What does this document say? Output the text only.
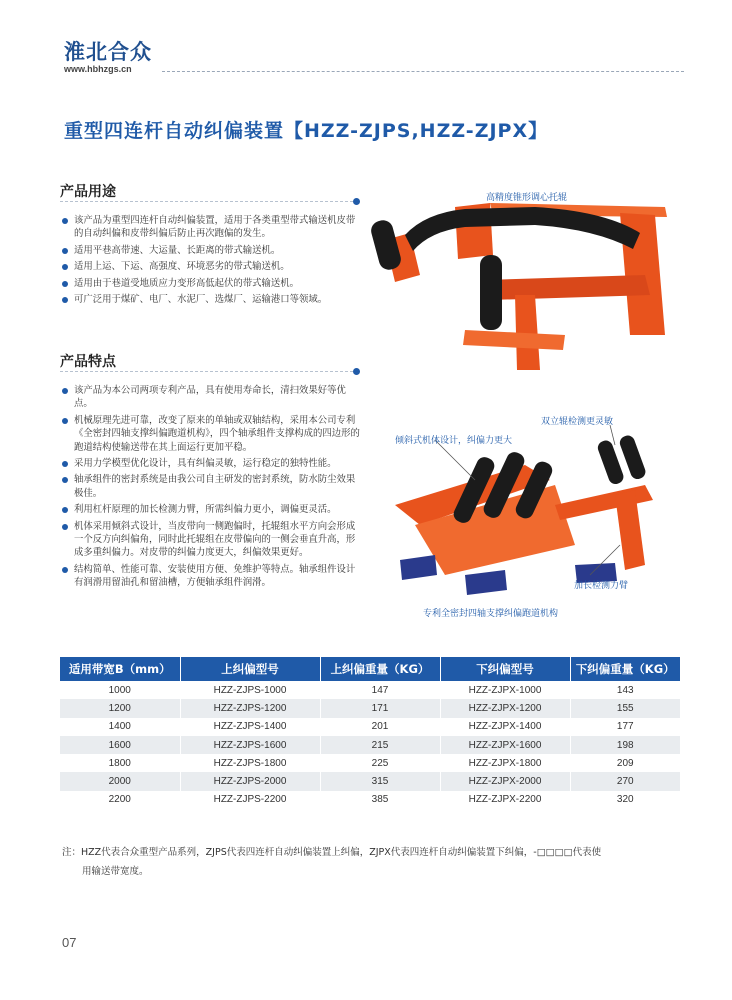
淮北合众
www.hbhzgs.cn
重型四连杆自动纠偏装置【HZZ-ZJPS,HZZ-ZJPX】
产品用途
该产品为重型四连杆自动纠偏装置，适用于各类重型带式输送机皮带的自动纠偏和皮带纠偏后防止再次跑偏的发生。
适用平巷高带速、大运量、长距离的带式输送机。
适用上运、下运、高强度、环境恶劣的带式输送机。
适用由于巷道受地质应力变形高低起伏的带式输送机。
可广泛用于煤矿、电厂、水泥厂、选煤厂、运输港口等领域。
产品特点
该产品为本公司两项专利产品，具有使用寿命长，清扫效果好等优点。
机械原理先进可靠，改变了原来的单轴或双轴结构，采用本公司专利《全密封四轴支撑纠偏跑道机构》，四个轴承组件支撑构成的四边形的跑道结构使输送带在其上面运行更加平稳。
采用力学模型优化设计，具有纠偏灵敏，运行稳定的独特性能。
轴承组件的密封系统是由我公司自主研发的密封系统，防水防尘效果极佳。
利用杠杆原理的加长检测力臂，所需纠偏力更小，调偏更灵活。
机体采用倾斜式设计，当皮带向一侧跑偏时，托辊组水平方向会形成一个反方向纠偏角，同时此托辊组在皮带偏向的一侧会垂直升高，形成多重纠偏力。对皮带的纠偏力度更大，纠偏效果更好。
结构简单、性能可靠、安装使用方便、免维护等特点。轴承组件设计有润滑用留油孔和留油槽，方便轴承组件润滑。
高精度锥形调心托辊
双立辊检测更灵敏
倾斜式机体设计，纠偏力更大
加长检测力臂
专利全密封四轴支撑纠偏跑道机构
适用带宽B（mm）	上纠偏型号	上纠偏重量（KG）	下纠偏型号	下纠偏重量（KG）
1000	HZZ-ZJPS-1000	147	HZZ-ZJPX-1000	143
1200	HZZ-ZJPS-1200	171	HZZ-ZJPX-1200	155
1400	HZZ-ZJPS-1400	201	HZZ-ZJPX-1400	177
1600	HZZ-ZJPS-1600	215	HZZ-ZJPX-1600	198
1800	HZZ-ZJPS-1800	225	HZZ-ZJPX-1800	209
2000	HZZ-ZJPS-2000	315	HZZ-ZJPX-2000	270
2200	HZZ-ZJPS-2200	385	HZZ-ZJPX-2200	320
注：HZZ代表合众重型产品系列，ZJPS代表四连杆自动纠偏装置上纠偏，ZJPX代表四连杆自动纠偏装置下纠偏，-□□□□代表使
用输送带宽度。
07
